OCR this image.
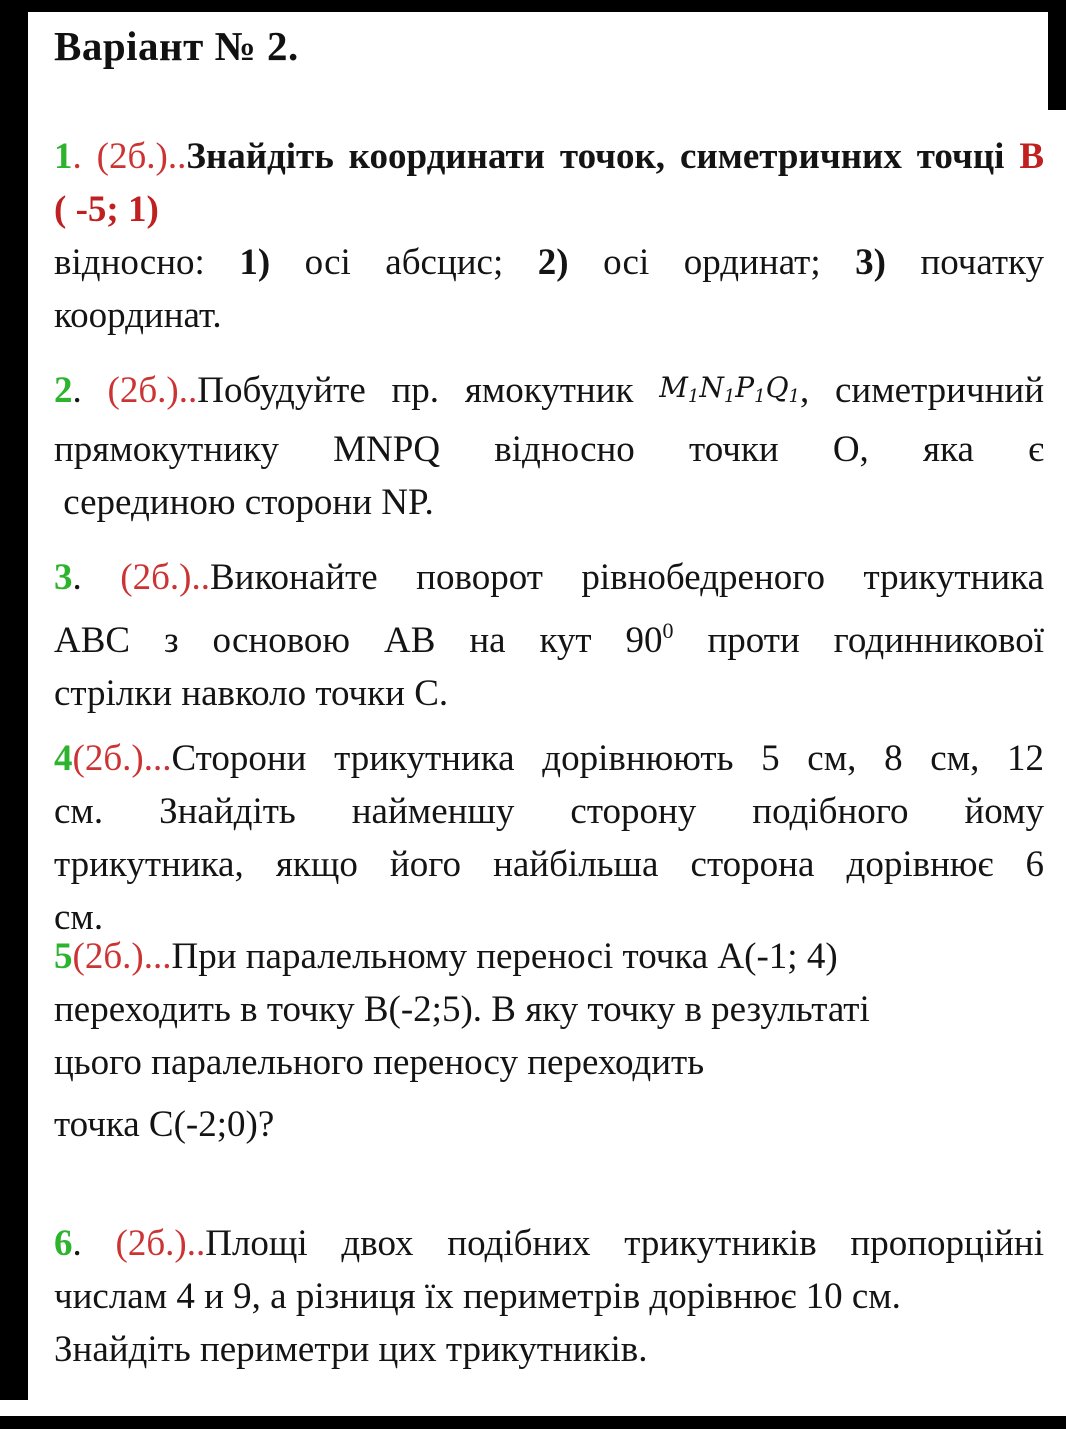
Варіант № 2.
1. (2б.)..Знайдіть координати точок, симетричних точці В
( -5; 1)
відносно: 1) осі абсцис; 2) осі ординат; 3) початку
координат.
2. (2б.)..Побудуйте пр. ямокутник M1N1P1Q1, симетричний
прямокутнику MNPQ відносно точки О, яка є
серединою сторони NP.
3. (2б.)..Виконайте поворот рівнобедреного трикутника
АВС з основою АВ на кут $90^0$ проти годинникової
стрілки навколо точки С.
4(2б.)...Сторони трикутника дорівнюють 5 см, 8 см, 12
см. Знайдіть найменшу сторону подібного йому
трикутника, якщо його найбільша сторона дорівнює 6
см.
5(2б.)...При паралельному переносі точка А(-1; 4)
переходить в точку В(-2;5). В яку точку в результаті
цього паралельного переносу переходить
точка С(-2;0)?
6. (2б.)..Площі двох подібних трикутників пропорційні
числам 4 и 9, а різниця їх периметрів дорівнює 10 см.
Знайдіть периметри цих трикутників.
